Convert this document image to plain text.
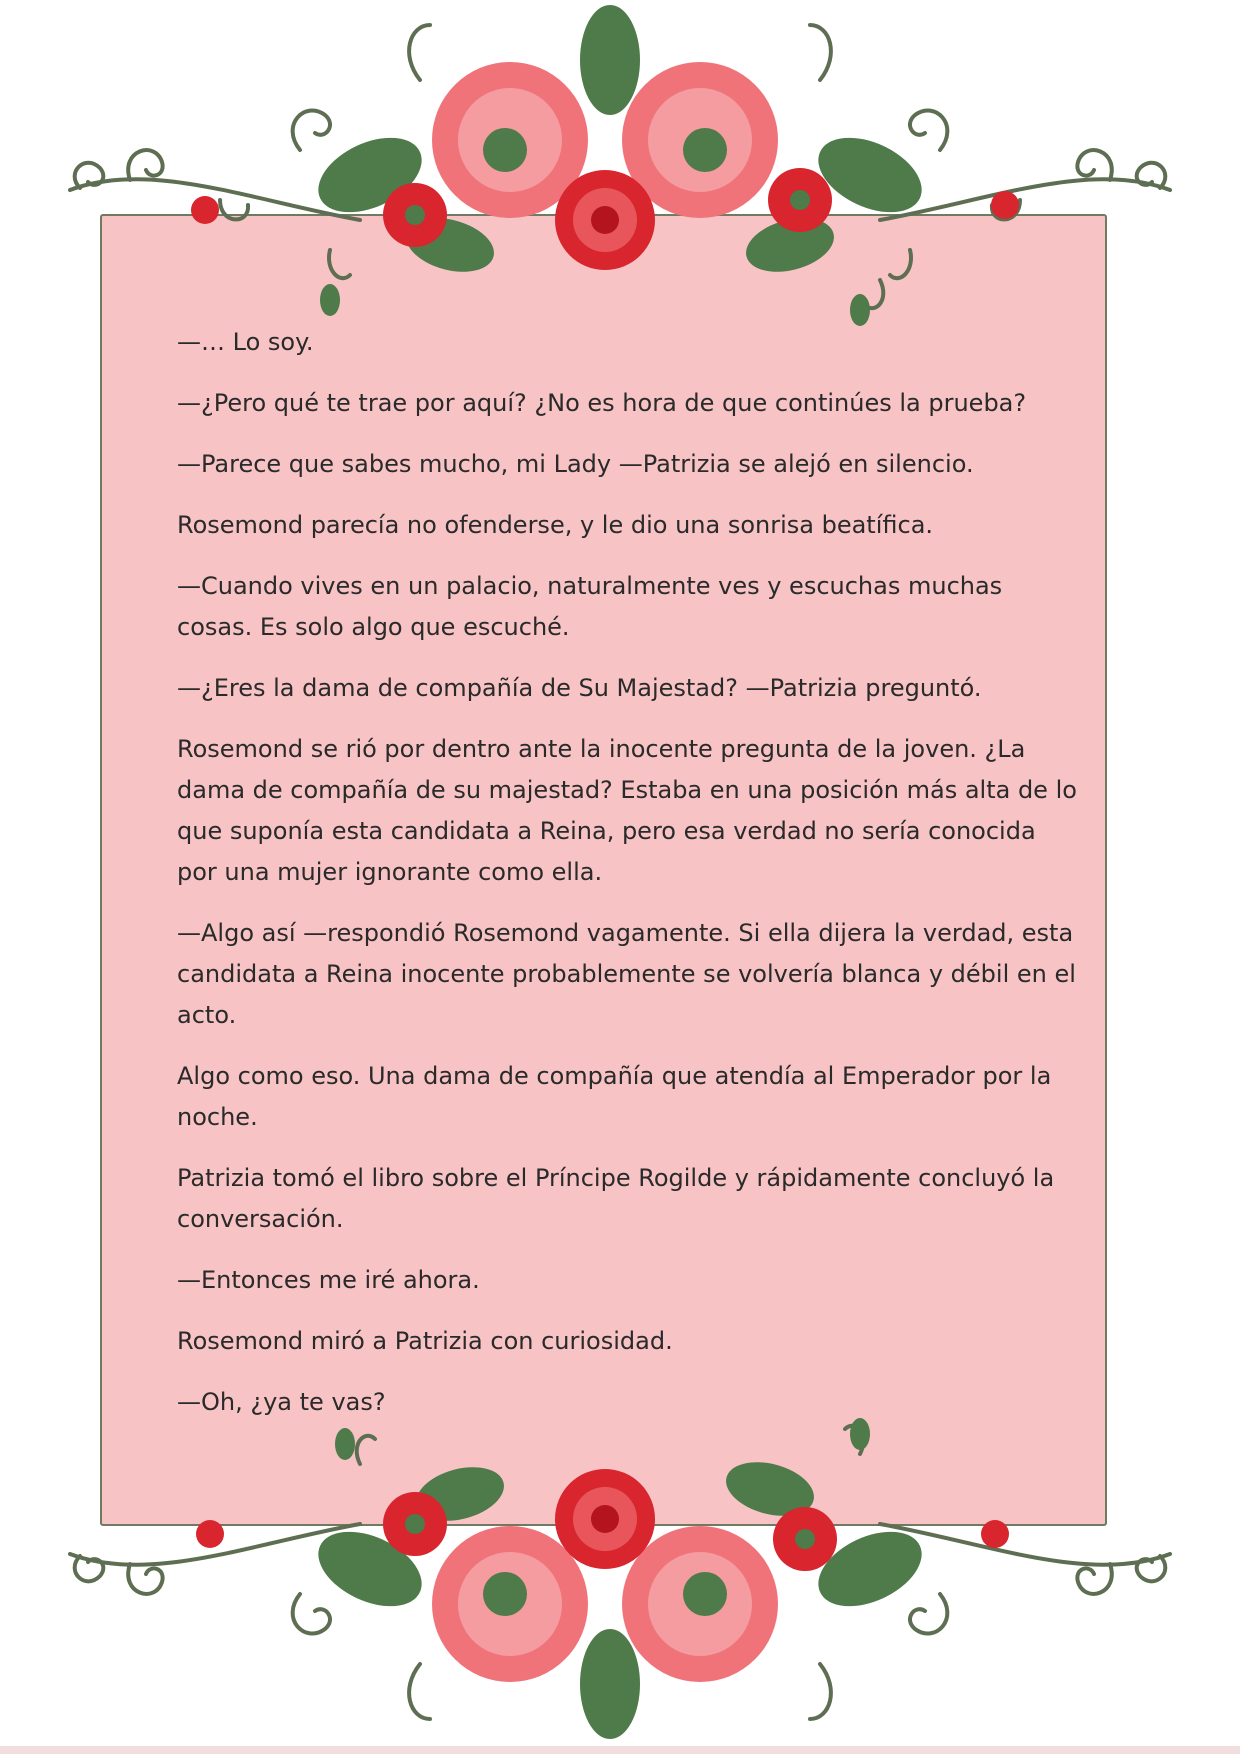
—… Lo soy.

—¿Pero qué te trae por aquí? ¿No es hora de que continúes la prueba?

—Parece que sabes mucho, mi Lady —Patrizia se alejó en silencio.

Rosemond parecía no ofenderse, y le dio una sonrisa beatífica.

—Cuando vives en un palacio, naturalmente ves y escuchas muchas cosas. Es solo algo que escuché.

—¿Eres la dama de compañía de Su Majestad? —Patrizia preguntó.

Rosemond se rió por dentro ante la inocente pregunta de la joven. ¿La dama de compañía de su majestad? Estaba en una posición más alta de lo que suponía esta candidata a Reina, pero esa verdad no sería conocida por una mujer ignorante como ella.

—Algo así —respondió Rosemond vagamente. Si ella dijera la verdad, esta candidata a Reina inocente probablemente se volvería blanca y débil en el acto.

Algo como eso. Una dama de compañía que atendía al Emperador por la noche.

Patrizia tomó el libro sobre el Príncipe Rogilde y rápidamente concluyó la conversación.

—Entonces me iré ahora.

Rosemond miró a Patrizia con curiosidad.

—Oh, ¿ya te vas?
